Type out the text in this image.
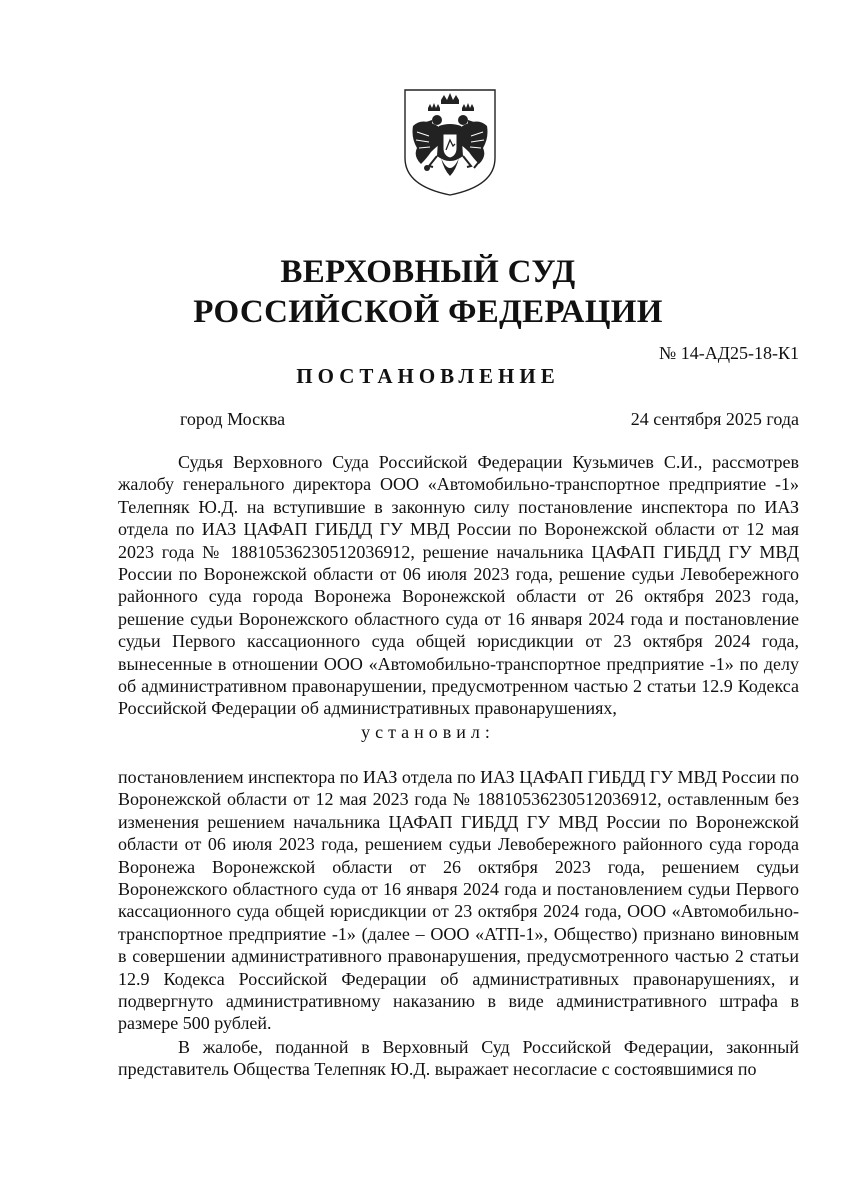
ВЕРХОВНЫЙ СУД
РОССИЙСКОЙ ФЕДЕРАЦИИ
№ 14-АД25-18-К1
ПОСТАНОВЛЕНИЕ
город Москва	24 сентября 2025 года

Судья Верховного Суда Российской Федерации Кузьмичев С.И., рассмотрев жалобу генерального директора ООО «Автомобильно-транспортное предприятие -1» Телепняк Ю.Д. на вступившие в законную силу постановление инспектора по ИАЗ отдела по ИАЗ ЦАФАП ГИБДД ГУ МВД России по Воронежской области от 12 мая 2023 года № 18810536230512036912, решение начальника ЦАФАП ГИБДД ГУ МВД России по Воронежской области от 06 июля 2023 года, решение судьи Левобережного районного суда города Воронежа Воронежской области от 26 октября 2023 года, решение судьи Воронежского областного суда от 16 января 2024 года и постановление судьи Первого кассационного суда общей юрисдикции от 23 октября 2024 года, вынесенные в отношении ООО «Автомобильно-транспортное предприятие -1» по делу об административном правонарушении, предусмотренном частью 2 статьи 12.9 Кодекса Российской Федерации об административных правонарушениях,

установил:

постановлением инспектора по ИАЗ отдела по ИАЗ ЦАФАП ГИБДД ГУ МВД России по Воронежской области от 12 мая 2023 года № 18810536230512036912, оставленным без изменения решением начальника ЦАФАП ГИБДД ГУ МВД России по Воронежской области от 06 июля 2023 года, решением судьи Левобережного районного суда города Воронежа Воронежской области от 26 октября 2023 года, решением судьи Воронежского областного суда от 16 января 2024 года и постановлением судьи Первого кассационного суда общей юрисдикции от 23 октября 2024 года, ООО «Автомобильно-транспортное предприятие -1» (далее – ООО «АТП-1», Общество) признано виновным в совершении административного правонарушения, предусмотренного частью 2 статьи 12.9 Кодекса Российской Федерации об административных правонарушениях, и подвергнуто административному наказанию в виде административного штрафа в размере 500 рублей.

В жалобе, поданной в Верховный Суд Российской Федерации, законный представитель Общества Телепняк Ю.Д. выражает несогласие с состоявшимися по
